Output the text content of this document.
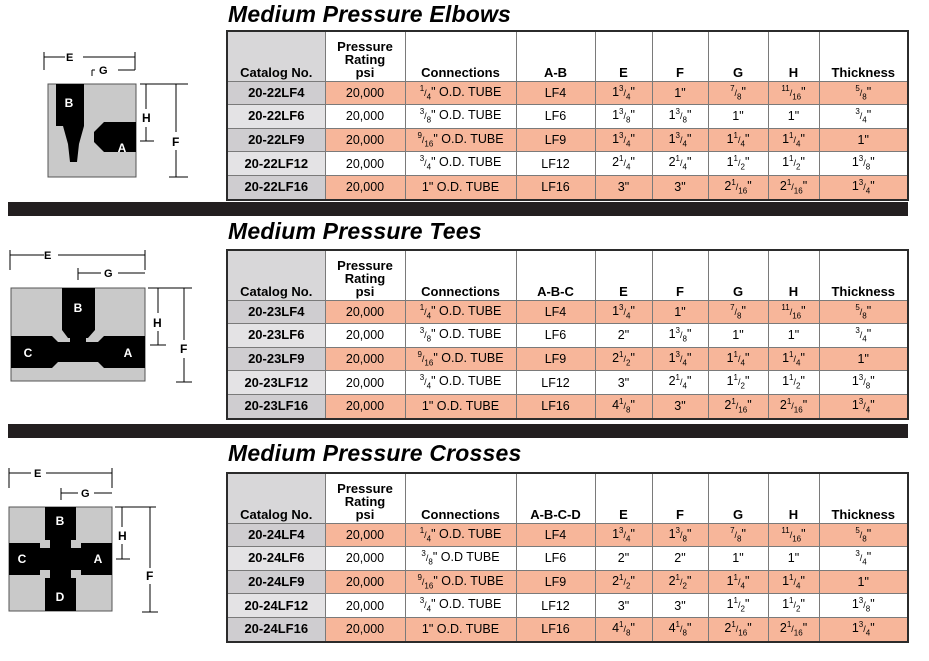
Medium Pressure Elbows
E
G
H
F
B
A
Catalog No.	Pressure
Rating
psi	Connections	A-B	E	F	G	H	Thickness
20-22LF4	20,000	$^1/_4$" O.D. TUBE	LF4	$1^3/_4$"	1"	$^7/_8$"	$^{11}/_{16}$"	$^5/_8$"
20-22LF6	20,000	$^3/_8$" O.D. TUBE	LF6	$1^3/_8$"	$1^3/_8$"	1"	1"	$^3/_4$"
20-22LF9	20,000	$^9/_{16}$" O.D. TUBE	LF9	$1^3/_4$"	$1^3/_4$"	$1^1/_4$"	$1^1/_4$"	1"
20-22LF12	20,000	$^3/_4$" O.D. TUBE	LF12	$2^1/_4$"	$2^1/_4$"	$1^1/_2$"	$1^1/_2$"	$1^3/_8$"
20-22LF16	20,000	1" O.D. TUBE	LF16	3"	3"	$2^1/_{16}$"	$2^1/_{16}$"	$1^3/_4$"
Medium Pressure Tees
E
G
H
F
B
C	A
Catalog No.	Pressure
Rating
psi	Connections	A-B-C	E	F	G	H	Thickness
20-23LF4	20,000	$^1/_4$" O.D. TUBE	LF4	$1^3/_4$"	1"	$^7/_8$"	$^{11}/_{16}$"	$^5/_8$"
20-23LF6	20,000	$^3/_8$" O.D. TUBE	LF6	2"	$1^3/_8$"	1"	1"	$^3/_4$"
20-23LF9	20,000	$^9/_{16}$" O.D. TUBE	LF9	$2^1/_2$"	$1^3/_4$"	$1^1/_4$"	$1^1/_4$"	1"
20-23LF12	20,000	$^3/_4$" O.D. TUBE	LF12	3"	$2^1/_4$"	$1^1/_2$"	$1^1/_2$"	$1^3/_8$"
20-23LF16	20,000	1" O.D. TUBE	LF16	$4^1/_8$"	3"	$2^1/_{16}$"	$2^1/_{16}$"	$1^3/_4$"
Medium Pressure Crosses
E
G
H
F
B
C	A
D
Catalog No.	Pressure
Rating
psi	Connections	A-B-C-D	E	F	G	H	Thickness
20-24LF4	20,000	$^1/_4$" O.D. TUBE	LF4	$1^3/_4$"	$1^3/_8$"	$^7/_8$"	$^{11}/_{16}$"	$^5/_8$"
20-24LF6	20,000	$^3/_8$" O.D TUBE	LF6	2"	2"	1"	1"	$^3/_4$"
20-24LF9	20,000	$^9/_{16}$" O.D. TUBE	LF9	$2^1/_2$"	$2^1/_2$"	$1^1/_4$"	$1^1/_4$"	1"
20-24LF12	20,000	$^3/_4$" O.D. TUBE	LF12	3"	3"	$1^1/_2$"	$1^1/_2$"	$1^3/_8$"
20-24LF16	20,000	1" O.D. TUBE	LF16	$4^1/_8$"	$4^1/_8$"	$2^1/_{16}$"	$2^1/_{16}$"	$1^3/_4$"
